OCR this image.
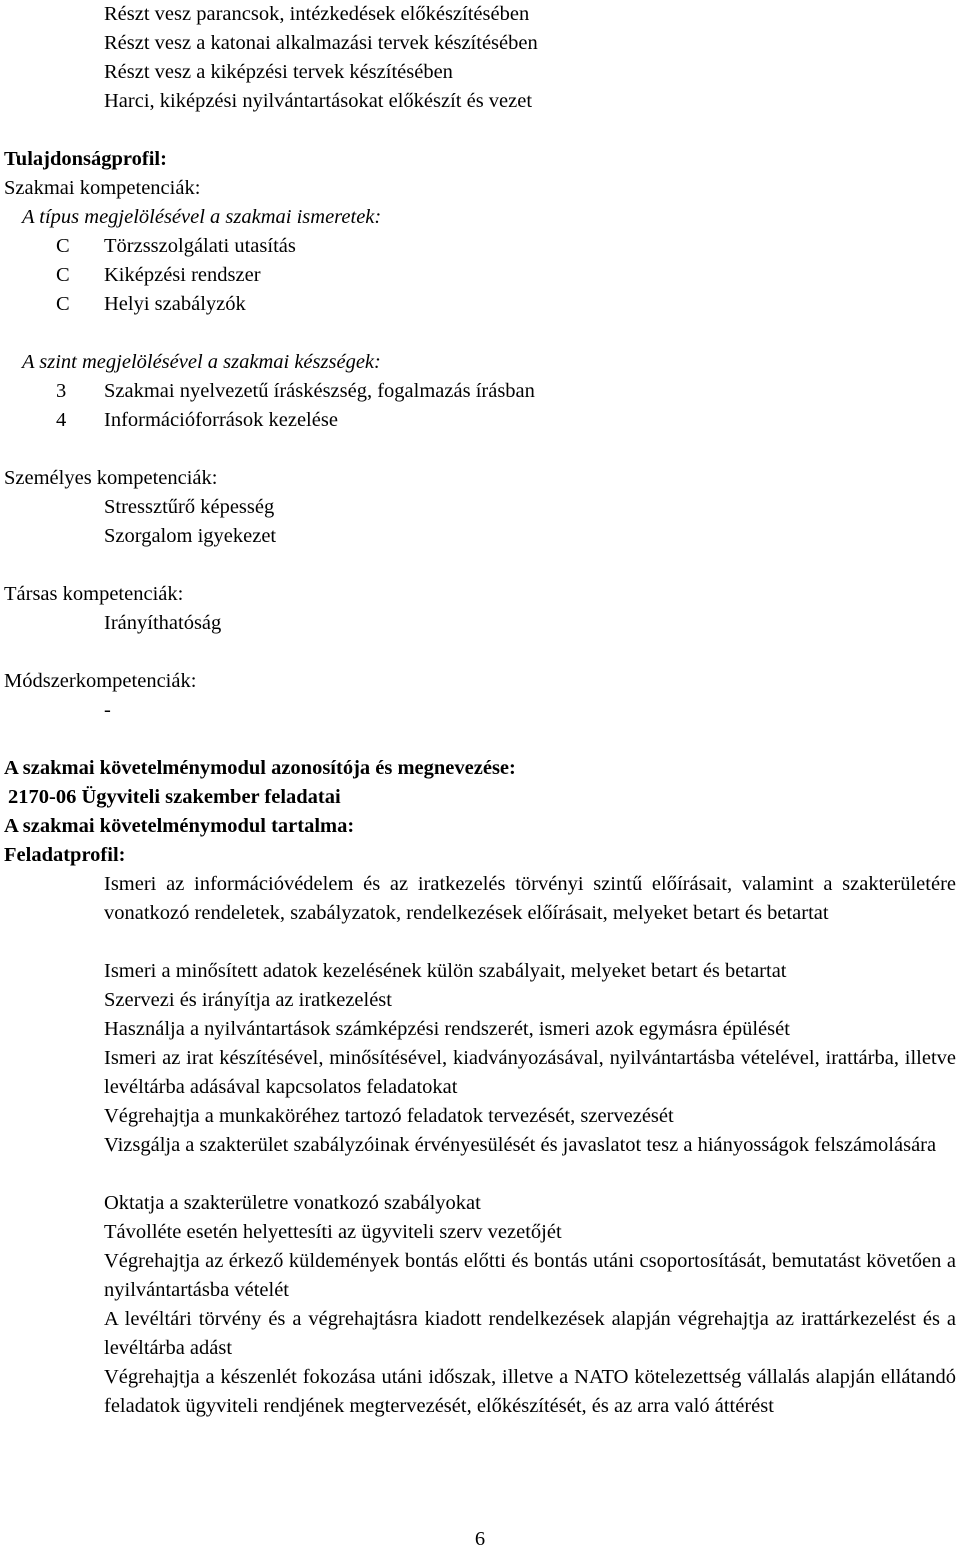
Részt vesz parancsok, intézkedések előkészítésében
Részt vesz a katonai alkalmazási tervek készítésében
Részt vesz a kiképzési tervek készítésében
Harci, kiképzési nyilvántartásokat előkészít és vezet
Tulajdonságprofil:
Szakmai kompetenciák:
A típus megjelölésével a szakmai ismeretek:
C Törzsszolgálati utasítás
C Kiképzési rendszer
C Helyi szabályzók
A szint megjelölésével a szakmai készségek:
3 Szakmai nyelvezetű íráskészség, fogalmazás írásban
4 Információforrások kezelése
Személyes kompetenciák:
Stressztűrő képesség
Szorgalom igyekezet
Társas kompetenciák:
Irányíthatóság
Módszerkompetenciák:
-
A szakmai követelménymodul azonosítója és megnevezése:
2170-06 Ügyviteli szakember feladatai
A szakmai követelménymodul tartalma:
Feladatprofil:
Ismeri az információvédelem és az iratkezelés törvényi szintű előírásait, valamint a szakterületére vonatkozó rendeletek, szabályzatok, rendelkezések előírásait, melyeket betart és betartat
Ismeri a minősített adatok kezelésének külön szabályait, melyeket betart és betartat
Szervezi és irányítja az iratkezelést
Használja a nyilvántartások számképzési rendszerét, ismeri azok egymásra épülését
Ismeri az irat készítésével, minősítésével, kiadványozásával, nyilvántartásba vételével, irattárba, illetve levéltárba adásával kapcsolatos feladatokat
Végrehajtja a munkaköréhez tartozó feladatok tervezését, szervezését
Vizsgálja a szakterület szabályzóinak érvényesülését és javaslatot tesz a hiányosságok felszámolására
Oktatja a szakterületre vonatkozó szabályokat
Távolléte esetén helyettesíti az ügyviteli szerv vezetőjét
Végrehajtja az érkező küldemények bontás előtti és bontás utáni csoportosítását, bemutatást követően a nyilvántartásba vételét
A levéltári törvény és a végrehajtásra kiadott rendelkezések alapján végrehajtja az irattárkezelést és a levéltárba adást
Végrehajtja a készenlét fokozása utáni időszak, illetve a NATO kötelezettség vállalás alapján ellátandó feladatok ügyviteli rendjének megtervezését, előkészítését, és az arra való áttérést
6
